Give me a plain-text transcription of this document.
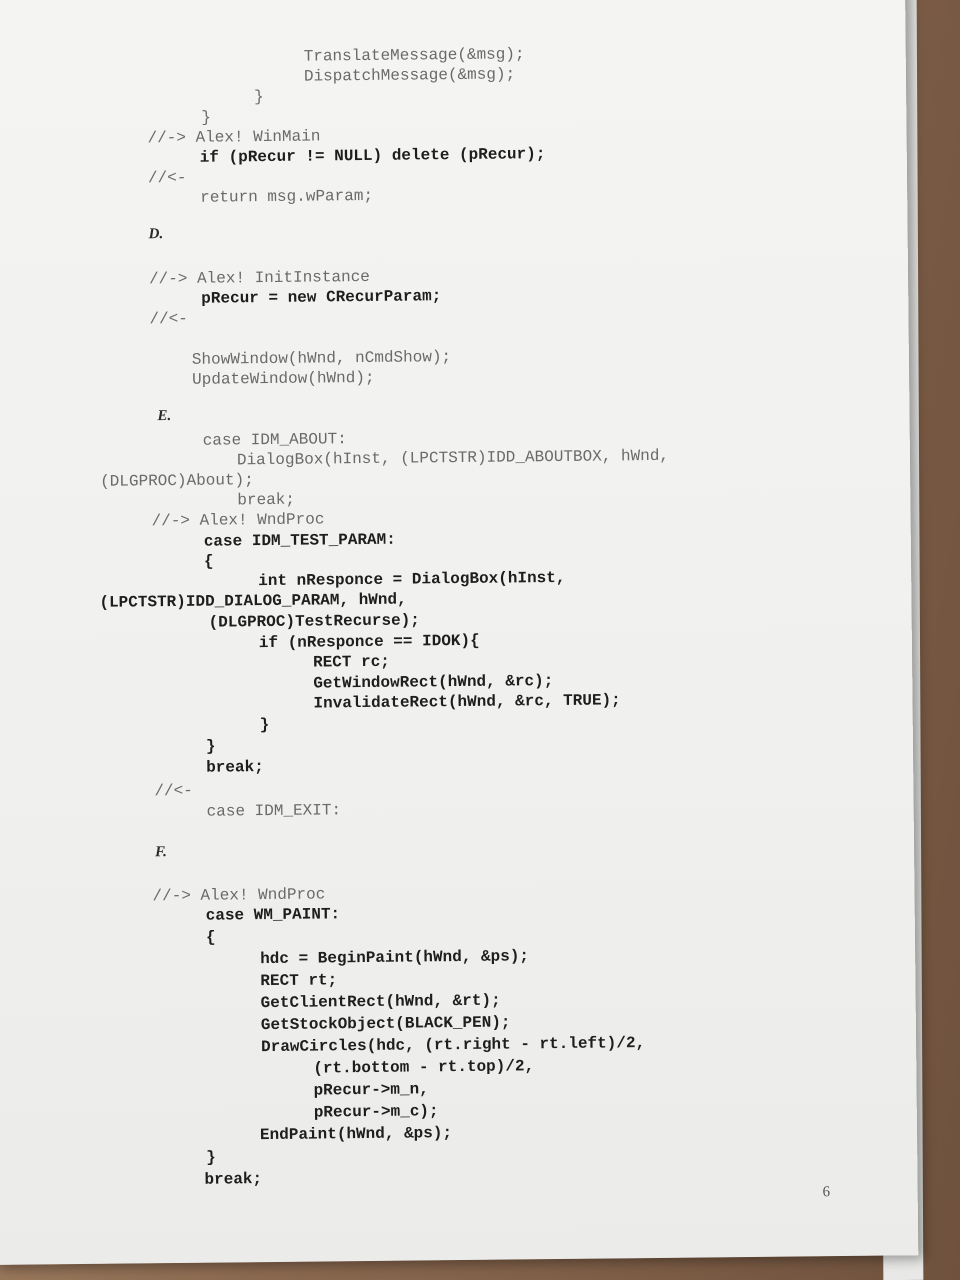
TranslateMessage(&msg);
DispatchMessage(&msg);
}
}
//-> Alex! WinMain
if (pRecur != NULL) delete (pRecur);
//<-
return msg.wParam;
D.
//-> Alex! InitInstance
pRecur = new CRecurParam;
//<-
ShowWindow(hWnd, nCmdShow);
UpdateWindow(hWnd);
E.
case IDM_ABOUT:
DialogBox(hInst, (LPCTSTR)IDD_ABOUTBOX, hWnd,
(DLGPROC)About);
break;
//-> Alex! WndProc
case IDM_TEST_PARAM:
{
int nResponce = DialogBox(hInst,
(LPCTSTR)IDD_DIALOG_PARAM, hWnd,
(DLGPROC)TestRecurse);
if (nResponce == IDOK){
RECT rc;
GetWindowRect(hWnd, &rc);
InvalidateRect(hWnd, &rc, TRUE);
}
}
break;
//<-
case IDM_EXIT:
F.
//-> Alex! WndProc
case WM_PAINT:
{
hdc = BeginPaint(hWnd, &ps);
RECT rt;
GetClientRect(hWnd, &rt);
GetStockObject(BLACK_PEN);
DrawCircles(hdc, (rt.right - rt.left)/2,
(rt.bottom - rt.top)/2,
pRecur->m_n,
pRecur->m_c);
EndPaint(hWnd, &ps);
}
break;
6
